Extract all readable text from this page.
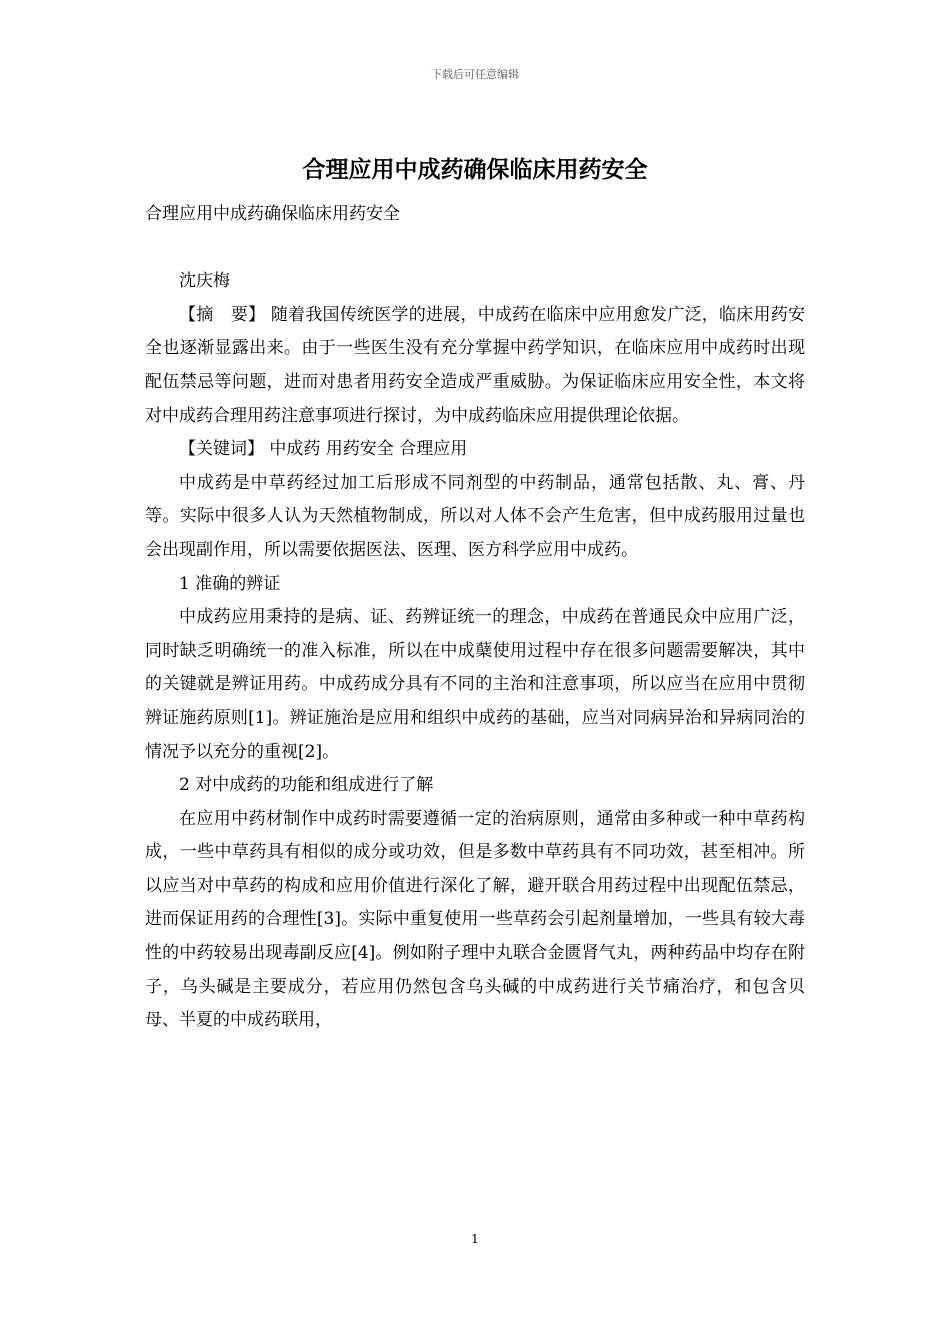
下载后可任意编辑
合理应用中成药确保临床用药安全

合理应用中成药确保临床用药安全

沈庆梅

【摘　要】 随着我国传统医学的进展，中成药在临床中应用愈发广泛，临床用药安全也逐渐显露出来。由于一些医生没有充分掌握中药学知识，在临床应用中成药时出现配伍禁忌等问题，进而对患者用药安全造成严重威胁。为保证临床应用安全性，本文将对中成药合理用药注意事项进行探讨，为中成药临床应用提供理论依据。

【关键词】 中成药 用药安全 合理应用

中成药是中草药经过加工后形成不同剂型的中药制品，通常包括散、丸、膏、丹等。实际中很多人认为天然植物制成，所以对人体不会产生危害，但中成药服用过量也会出现副作用，所以需要依据医法、医理、医方科学应用中成药。

1 准确的辨证

中成药应用秉持的是病、证、药辨证统一的理念，中成药在普通民众中应用广泛，同时缺乏明确统一的准入标准，所以在中成蘖使用过程中存在很多问题需要解决，其中的关键就是辨证用药。中成药成分具有不同的主治和注意事项，所以应当在应用中贯彻辨证施药原则[1]。辨证施治是应用和组织中成药的基础，应当对同病异治和异病同治的情况予以充分的重视[2]。

2 对中成药的功能和组成进行了解

在应用中药材制作中成药时需要遵循一定的治病原则，通常由多种或一种中草药构成，一些中草药具有相似的成分或功效，但是多数中草药具有不同功效，甚至相冲。所以应当对中草药的构成和应用价值进行深化了解，避开联合用药过程中出现配伍禁忌，进而保证用药的合理性[3]。实际中重复使用一些草药会引起剂量增加，一些具有较大毒性的中药较易出现毒副反应[4]。例如附子理中丸联合金匮肾气丸，两种药品中均存在附子，乌头碱是主要成分，若应用仍然包含乌头碱的中成药进行关节痛治疗，和包含贝母、半夏的中成药联用，

1
